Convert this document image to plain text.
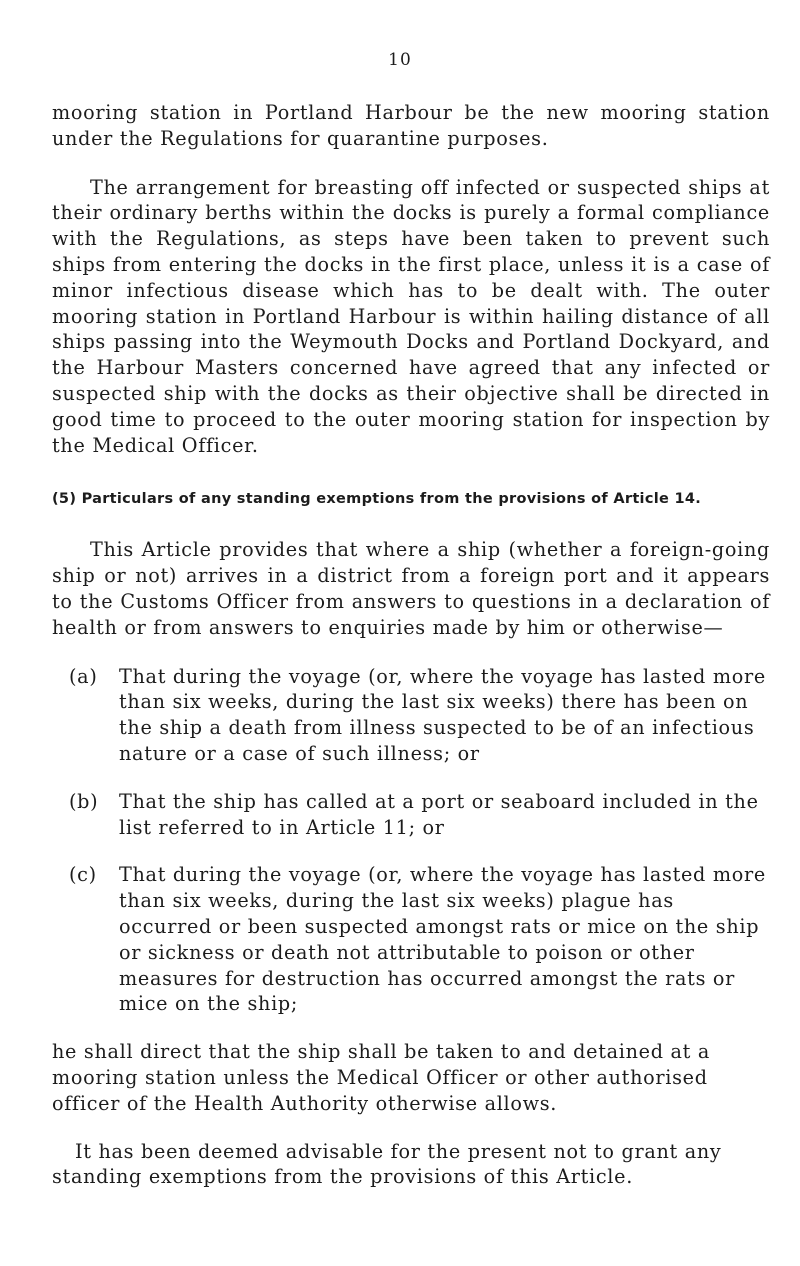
10

mooring station in Portland Harbour be the new mooring station under the Regulations for quarantine purposes.

The arrangement for breasting off infected or suspected ships at their ordinary berths within the docks is purely a formal compliance with the Regulations, as steps have been taken to prevent such ships from entering the docks in the first place, unless it is a case of minor infectious disease which has to be dealt with. The outer mooring station in Portland Harbour is within hailing distance of all ships passing into the Weymouth Docks and Portland Dockyard, and the Harbour Masters concerned have agreed that any infected or suspected ship with the docks as their objective shall be directed in good time to proceed to the outer mooring station for inspection by the Medical Officer.

(5) Particulars of any standing exemptions from the provisions of Article 14.

This Article provides that where a ship (whether a foreign-going ship or not) arrives in a district from a foreign port and it appears to the Customs Officer from answers to questions in a declaration of health or from answers to enquiries made by him or otherwise—

(a)	That during the voyage (or, where the voyage has lasted more than six weeks, during the last six weeks) there has been on the ship a death from illness suspected to be of an infectious nature or a case of such illness; or

(b)	That the ship has called at a port or seaboard included in the list referred to in Article 11; or

(c)	That during the voyage (or, where the voyage has lasted more than six weeks, during the last six weeks) plague has occurred or been suspected amongst rats or mice on the ship or sickness or death not attributable to poison or other measures for destruction has occurred amongst the rats or mice on the ship;

he shall direct that the ship shall be taken to and detained at a mooring station unless the Medical Officer or other authorised officer of the Health Authority otherwise allows.

It has been deemed advisable for the present not to grant any standing exemptions from the provisions of this Article.
